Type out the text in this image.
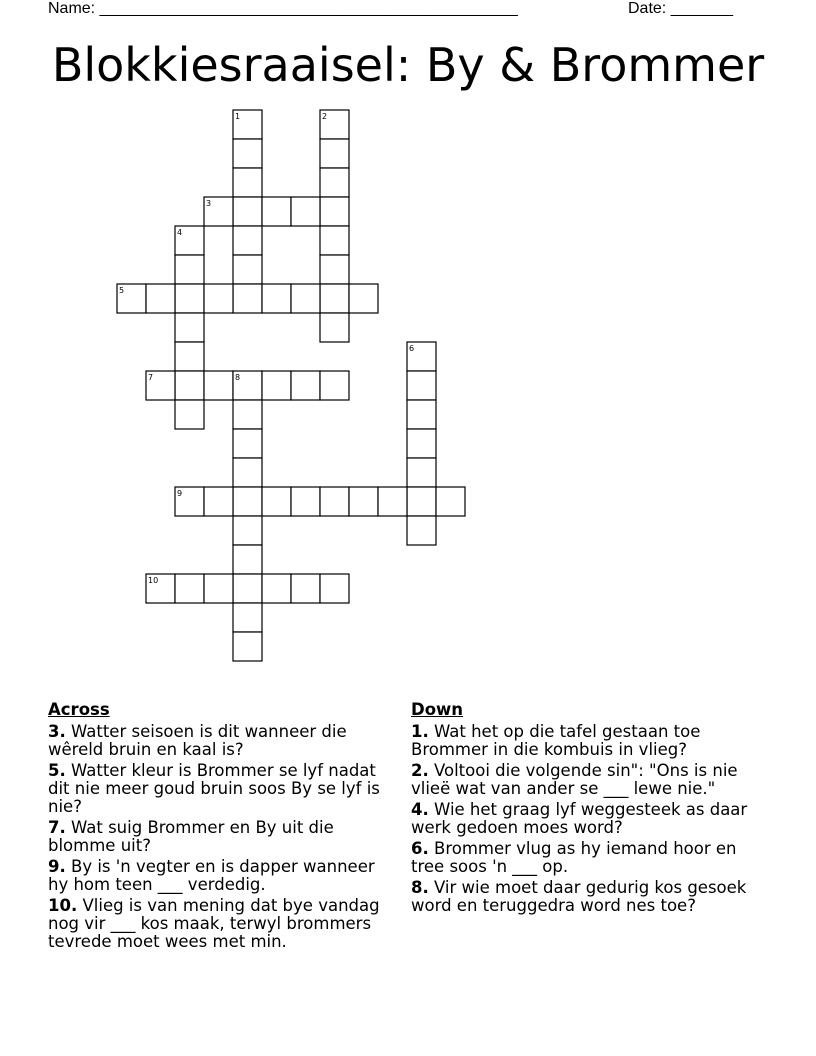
Name: _______________________________________________	Date: _______
Blokkiesraaisel: By & Brommer
1	2
3
4
5
6
7	8
9
10
Across
3. Watter seisoen is dit wanneer die wêreld bruin en kaal is?
5. Watter kleur is Brommer se lyf nadat dit nie meer goud bruin soos By se lyf is nie?
7. Wat suig Brommer en By uit die blomme uit?
9. By is 'n vegter en is dapper wanneer hy hom teen ___ verdedig.
10. Vlieg is van mening dat bye vandag nog vir ___ kos maak, terwyl brommers tevrede moet wees met min.
Down
1. Wat het op die tafel gestaan toe Brommer in die kombuis in vlieg?
2. Voltooi die volgende sin": "Ons is nie vlieë wat van ander se ___ lewe nie."
4. Wie het graag lyf weggesteek as daar werk gedoen moes word?
6. Brommer vlug as hy iemand hoor en tree soos 'n ___ op.
8. Vir wie moet daar gedurig kos gesoek word en teruggedra word nes toe?
